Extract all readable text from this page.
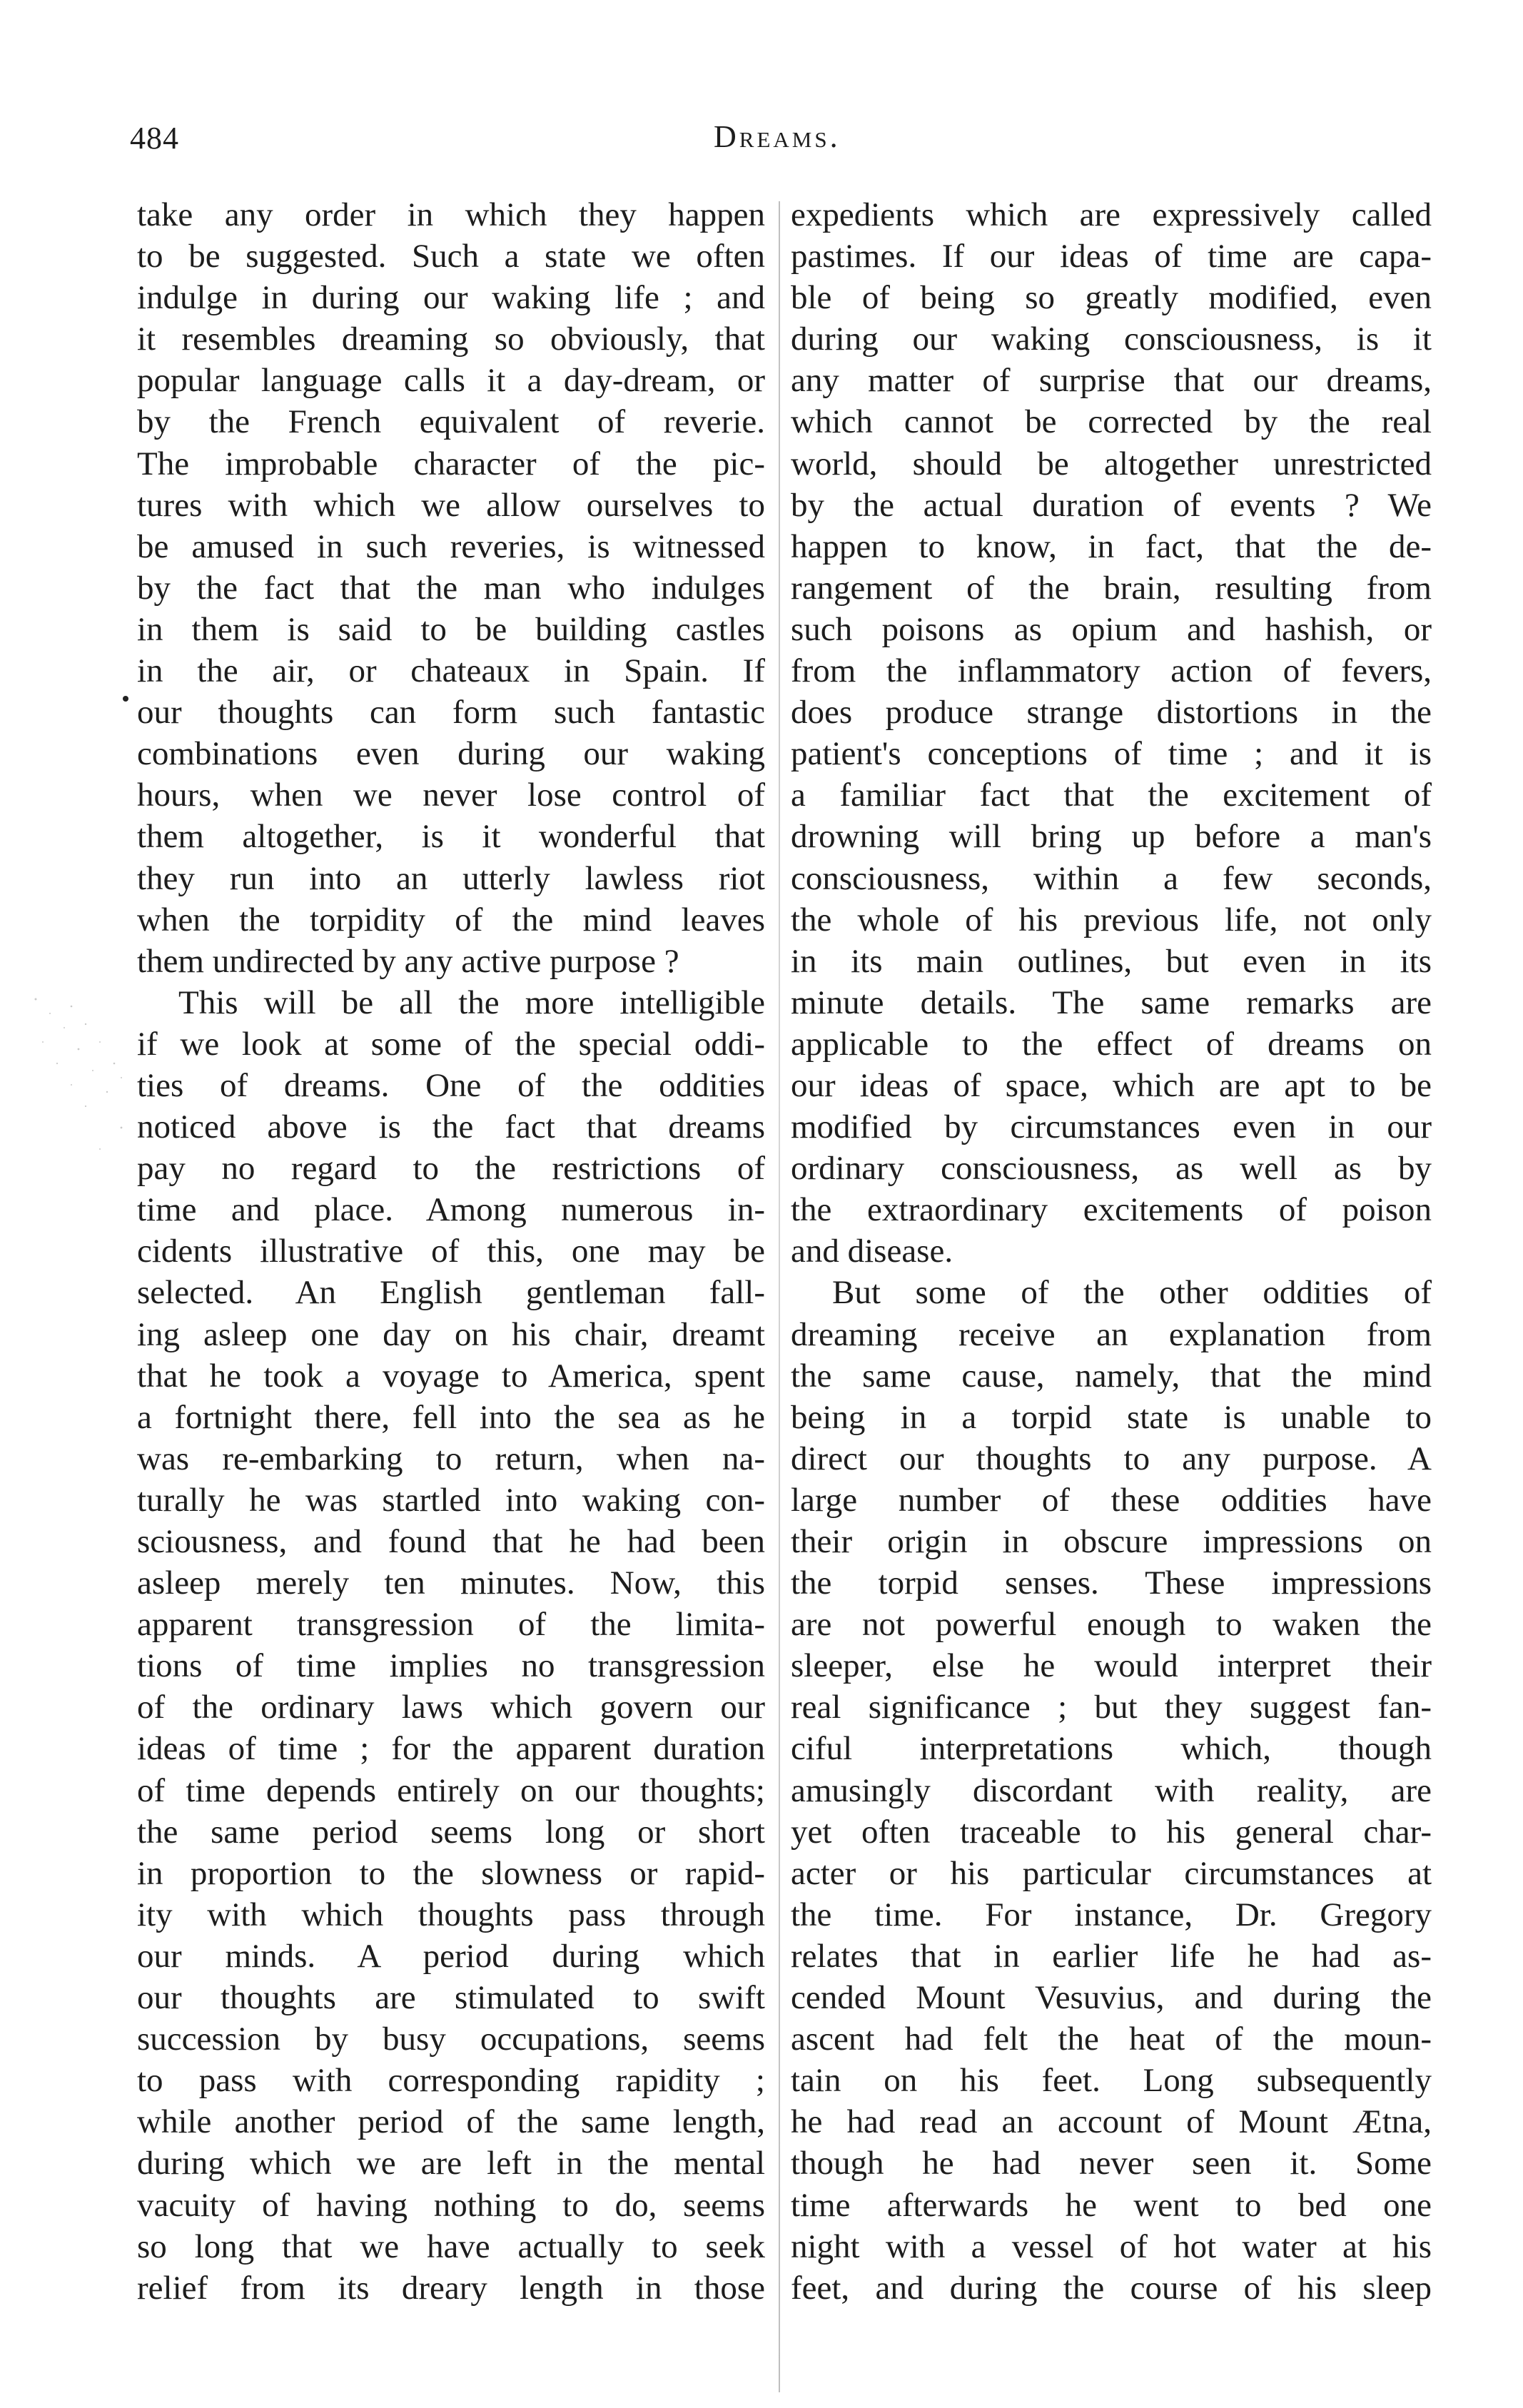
484	Dreams.
take any order in which they happen
to be suggested. Such a state we often
indulge in during our waking life ; and
it resembles dreaming so obviously, that
popular language calls it a day-dream, or
by the French equivalent of reverie.
The improbable character of the pic-
tures with which we allow ourselves to
be amused in such reveries, is witnessed
by the fact that the man who indulges
in them is said to be building castles
in the air, or chateaux in Spain. If
our thoughts can form such fantastic
combinations even during our waking
hours, when we never lose control of
them altogether, is it wonderful that
they run into an utterly lawless riot
when the torpidity of the mind leaves
them undirected by any active purpose ?
This will be all the more intelligible
if we look at some of the special oddi-
ties of dreams. One of the oddities
noticed above is the fact that dreams
pay no regard to the restrictions of
time and place. Among numerous in-
cidents illustrative of this, one may be
selected. An English gentleman fall-
ing asleep one day on his chair, dreamt
that he took a voyage to America, spent
a fortnight there, fell into the sea as he
was re-embarking to return, when na-
turally he was startled into waking con-
sciousness, and found that he had been
asleep merely ten minutes. Now, this
apparent transgression of the limita-
tions of time implies no transgression
of the ordinary laws which govern our
ideas of time ; for the apparent duration
of time depends entirely on our thoughts;
the same period seems long or short
in proportion to the slowness or rapid-
ity with which thoughts pass through
our minds. A period during which
our thoughts are stimulated to swift
succession by busy occupations, seems
to pass with corresponding rapidity ;
while another period of the same length,
during which we are left in the mental
vacuity of having nothing to do, seems
so long that we have actually to seek
relief from its dreary length in those
expedients which are expressively called
pastimes. If our ideas of time are capa-
ble of being so greatly modified, even
during our waking consciousness, is it
any matter of surprise that our dreams,
which cannot be corrected by the real
world, should be altogether unrestricted
by the actual duration of events ? We
happen to know, in fact, that the de-
rangement of the brain, resulting from
such poisons as opium and hashish, or
from the inflammatory action of fevers,
does produce strange distortions in the
patient's conceptions of time ; and it is
a familiar fact that the excitement of
drowning will bring up before a man's
consciousness, within a few seconds,
the whole of his previous life, not only
in its main outlines, but even in its
minute details. The same remarks are
applicable to the effect of dreams on
our ideas of space, which are apt to be
modified by circumstances even in our
ordinary consciousness, as well as by
the extraordinary excitements of poison
and disease.
But some of the other oddities of
dreaming receive an explanation from
the same cause, namely, that the mind
being in a torpid state is unable to
direct our thoughts to any purpose. A
large number of these oddities have
their origin in obscure impressions on
the torpid senses. These impressions
are not powerful enough to waken the
sleeper, else he would interpret their
real significance ; but they suggest fan-
ciful interpretations which, though
amusingly discordant with reality, are
yet often traceable to his general char-
acter or his particular circumstances at
the time. For instance, Dr. Gregory
relates that in earlier life he had as-
cended Mount Vesuvius, and during the
ascent had felt the heat of the moun-
tain on his feet. Long subsequently
he had read an account of Mount Ætna,
though he had never seen it. Some
time afterwards he went to bed one
night with a vessel of hot water at his
feet, and during the course of his sleep
